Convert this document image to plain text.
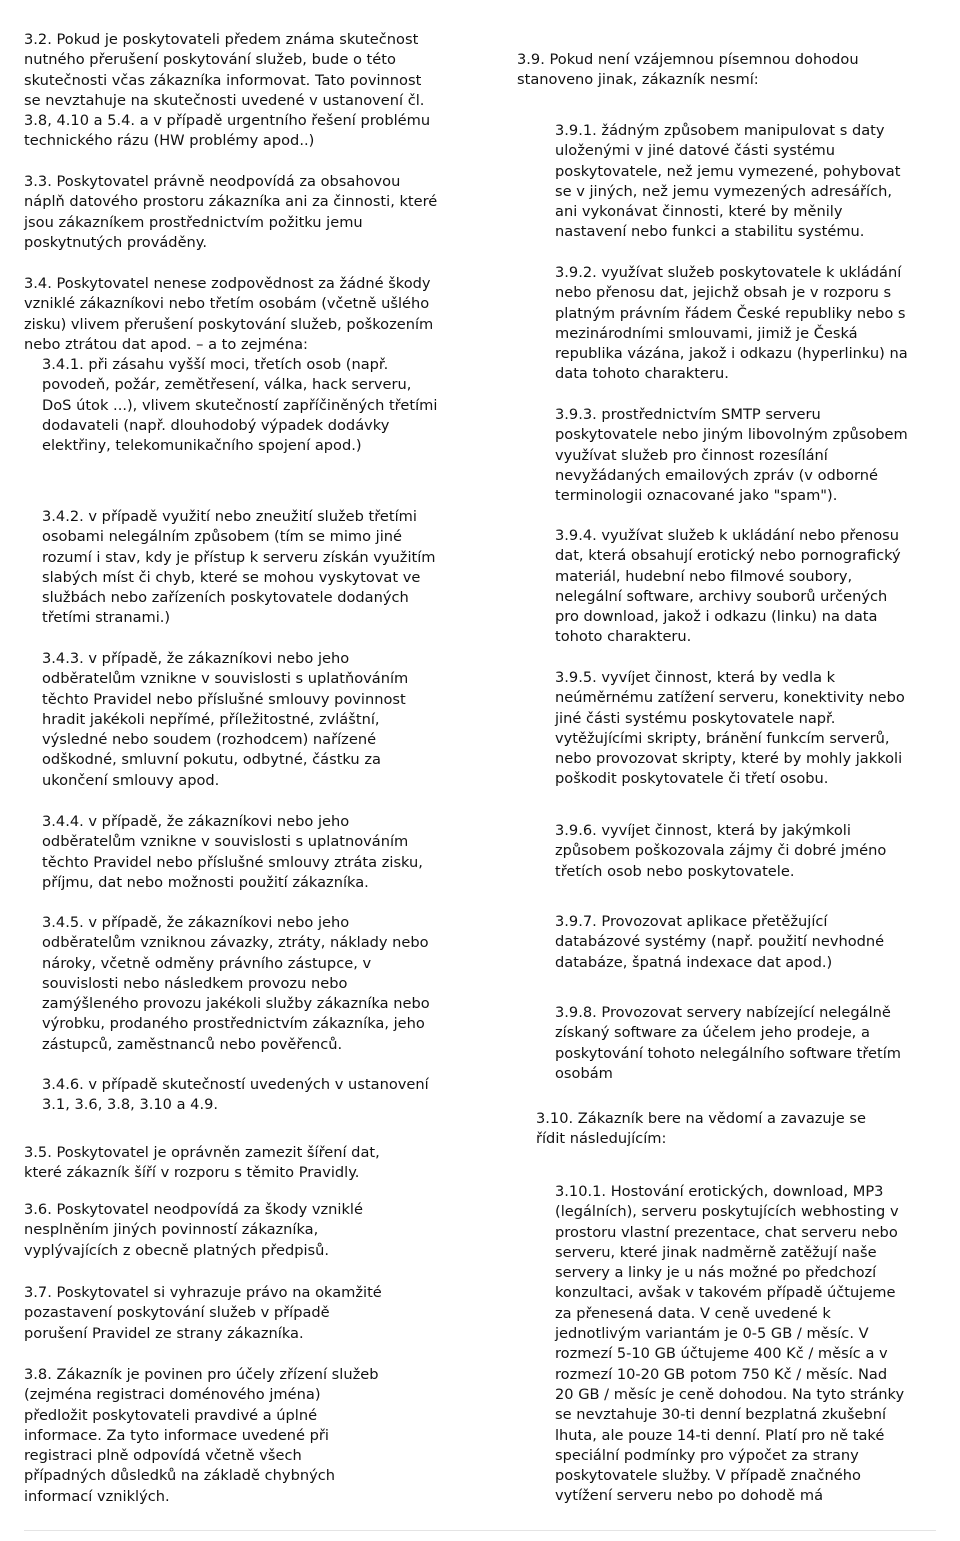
3.2. Pokud je poskytovateli předem známa skutečnost
nutného přerušení poskytování služeb, bude o této
skutečnosti včas zákazníka informovat. Tato povinnost
se nevztahuje na skutečnosti uvedené v ustanovení čl.
3.8, 4.10 a 5.4. a v případě urgentního řešení problému
technického rázu (HW problémy apod..)
3.3. Poskytovatel právně neodpovídá za obsahovou
náplň datového prostoru zákazníka ani za činnosti, které
jsou zákazníkem prostřednictvím požitku jemu
poskytnutých prováděny.
3.4. Poskytovatel nenese zodpovědnost za žádné škody
vzniklé zákazníkovi nebo třetím osobám (včetně ušlého
zisku) vlivem přerušení poskytování služeb, poškozením
nebo ztrátou dat apod. – a to zejména:
3.4.1. při zásahu vyšší moci, třetích osob (např.
povodeň, požár, zemětřesení, válka, hack serveru,
DoS útok ...), vlivem skutečností zapříčiněných třetími
dodavateli (např. dlouhodobý výpadek dodávky
elektřiny, telekomunikačního spojení apod.)
3.4.2. v případě využití nebo zneužití služeb třetími
osobami nelegálním způsobem (tím se mimo jiné
rozumí i stav, kdy je přístup k serveru získán využitím
slabých míst či chyb, které se mohou vyskytovat ve
službách nebo zařízeních poskytovatele dodaných
třetími stranami.)
3.4.3. v případě, že zákazníkovi nebo jeho
odběratelům vznikne v souvislosti s uplatňováním
těchto Pravidel nebo příslušné smlouvy povinnost
hradit jakékoli nepřímé, příležitostné, zvláštní,
výsledné nebo soudem (rozhodcem) nařízené
odškodné, smluvní pokutu, odbytné, částku za
ukončení smlouvy apod.
3.4.4. v případě, že zákazníkovi nebo jeho
odběratelům vznikne v souvislosti s uplatnováním
těchto Pravidel nebo příslušné smlouvy ztráta zisku,
příjmu, dat nebo možnosti použití zákazníka.
3.4.5. v případě, že zákazníkovi nebo jeho
odběratelům vzniknou závazky, ztráty, náklady nebo
nároky, včetně odměny právního zástupce, v
souvislosti nebo následkem provozu nebo
zamýšleného provozu jakékoli služby zákazníka nebo
výrobku, prodaného prostřednictvím zákazníka, jeho
zástupců, zaměstnanců nebo pověřenců.
3.4.6. v případě skutečností uvedených v ustanovení
3.1, 3.6, 3.8, 3.10 a 4.9.
3.5. Poskytovatel je oprávněn zamezit šíření dat,
které zákazník šíří v rozporu s těmito Pravidly.
3.6. Poskytovatel neodpovídá za škody vzniklé
nesplněním jiných povinností zákazníka,
vyplývajících z obecně platných předpisů.
3.7. Poskytovatel si vyhrazuje právo na okamžité
pozastavení poskytování služeb v případě
porušení Pravidel ze strany zákazníka.
3.8. Zákazník je povinen pro účely zřízení služeb
(zejména registraci doménového jména)
předložit poskytovateli pravdivé a úplné
informace. Za tyto informace uvedené při
registraci plně odpovídá včetně všech
případných důsledků na základě chybných
informací vzniklých.
3.9. Pokud není vzájemnou písemnou dohodou
stanoveno jinak, zákazník nesmí:
3.9.1. žádným způsobem manipulovat s daty
uloženými v jiné datové části systému
poskytovatele, než jemu vymezené, pohybovat
se v jiných, než jemu vymezených adresářích,
ani vykonávat činnosti, které by měnily
nastavení nebo funkci a stabilitu systému.
3.9.2. využívat služeb poskytovatele k ukládání
nebo přenosu dat, jejichž obsah je v rozporu s
platným právním řádem České republiky nebo s
mezinárodními smlouvami, jimiž je Česká
republika vázána, jakož i odkazu (hyperlinku) na
data tohoto charakteru.
3.9.3. prostřednictvím SMTP serveru
poskytovatele nebo jiným libovolným způsobem
využívat služeb pro činnost rozesílání
nevyžádaných emailových zpráv (v odborné
terminologii oznacované jako "spam").
3.9.4. využívat služeb k ukládání nebo přenosu
dat, která obsahují erotický nebo pornografický
materiál, hudební nebo filmové soubory,
nelegální software, archivy souborů určených
pro download, jakož i odkazu (linku) na data
tohoto charakteru.
3.9.5. vyvíjet činnost, která by vedla k
neúměrnému zatížení serveru, konektivity nebo
jiné části systému poskytovatele např.
vytěžujícími skripty, bránění funkcím serverů,
nebo provozovat skripty, které by mohly jakkoli
poškodit poskytovatele či třetí osobu.
3.9.6. vyvíjet činnost, která by jakýmkoli
způsobem poškozovala zájmy či dobré jméno
třetích osob nebo poskytovatele.
3.9.7. Provozovat aplikace přetěžující
databázové systémy (např. použití nevhodné
databáze, špatná indexace dat apod.)
3.9.8. Provozovat servery nabízející nelegálně
získaný software za účelem jeho prodeje, a
poskytování tohoto nelegálního software třetím
osobám
3.10. Zákazník bere na vědomí a zavazuje se
řídit následujícím:
3.10.1. Hostování erotických, download, MP3
(legálních), serveru poskytujících webhosting v
prostoru vlastní prezentace, chat serveru nebo
serveru, které jinak nadměrně zatěžují naše
servery a linky je u nás možné po předchozí
konzultaci, avšak v takovém případě účtujeme
za přenesená data. V ceně uvedené k
jednotlivým variantám je 0-5 GB / měsíc. V
rozmezí 5-10 GB účtujeme 400 Kč / měsíc a v
rozmezí 10-20 GB potom 750 Kč / měsíc. Nad
20 GB / měsíc je ceně dohodou. Na tyto stránky
se nevztahuje 30-ti denní bezplatná zkušební
lhuta, ale pouze 14-ti denní. Platí pro ně také
speciální podmínky pro výpočet za strany
poskytovatele služby. V případě značného
vytížení serveru nebo po dohodě má
